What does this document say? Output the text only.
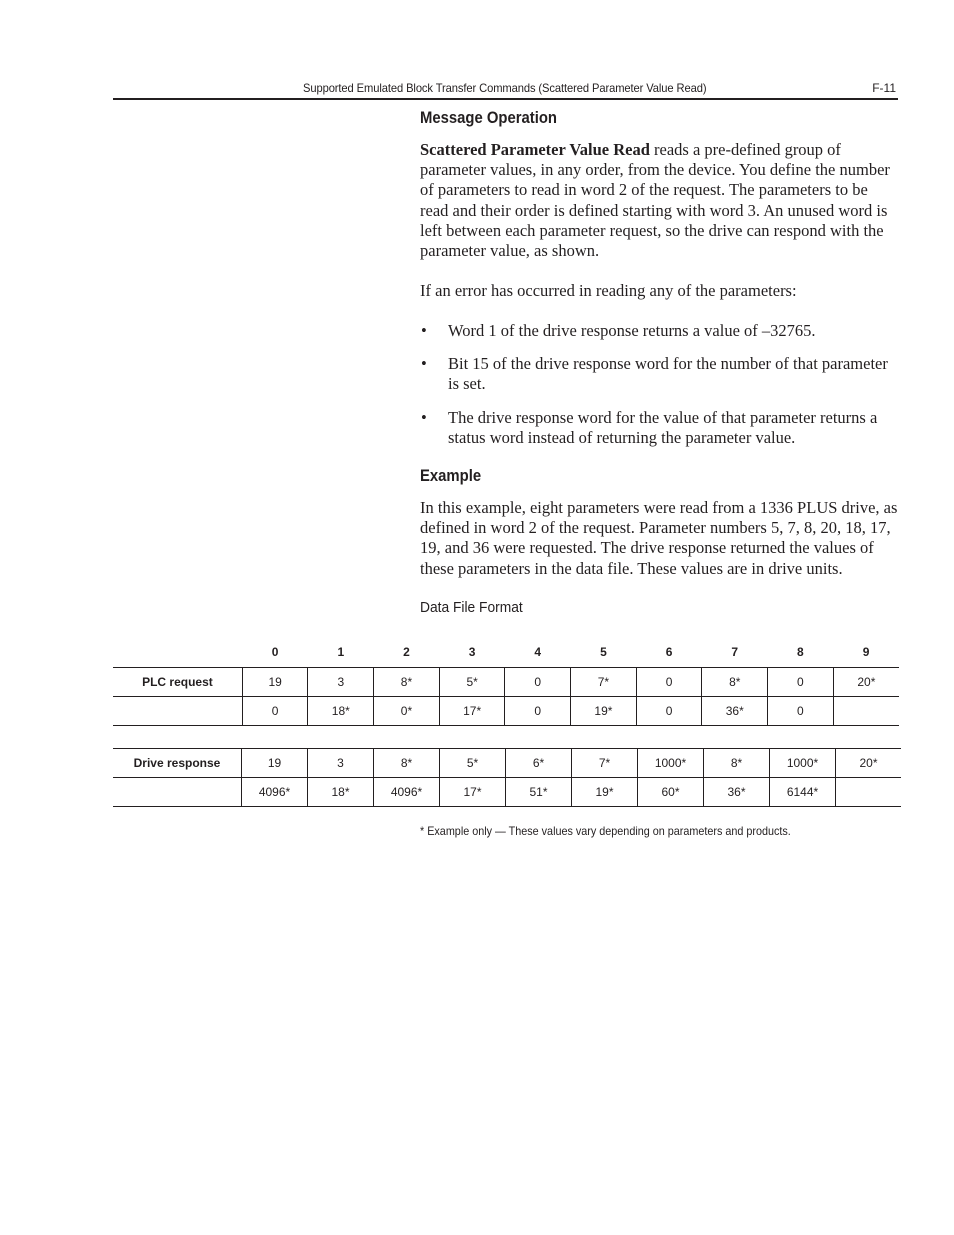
Supported Emulated Block Transfer Commands (Scattered Parameter Value Read)	F-11
Message Operation

Scattered Parameter Value Read reads a pre-defined group of parameter values, in any order, from the device. You define the number of parameters to read in word 2 of the request. The parameters to be read and their order is defined starting with word 3. An unused word is left between each parameter request, so the drive can respond with the parameter value, as shown.

If an error has occurred in reading any of the parameters:
• Word 1 of the drive response returns a value of –32765.
• Bit 15 of the drive response word for the number of that parameter is set.
• The drive response word for the value of that parameter returns a status word instead of returning the parameter value.
Example
In this example, eight parameters were read from a 1336 PLUS drive, as defined in word 2 of the request. Parameter numbers 5, 7, 8, 20, 18, 17, 19, and 36 were requested. The drive response returned the values of these parameters in the data file. These values are in drive units.
Data File Format
	0	1	2	3	4	5	6	7	8	9
PLC request	19	3	8*	5*	0	7*	0	8*	0	20*
	0	18*	0*	17*	0	19*	0	36*	0	
Drive response	19	3	8*	5*	6*	7*	1000*	8*	1000*	20*
	4096*	18*	4096*	17*	51*	19*	60*	36*	6144*	
* Example only — These values vary depending on parameters and products.
